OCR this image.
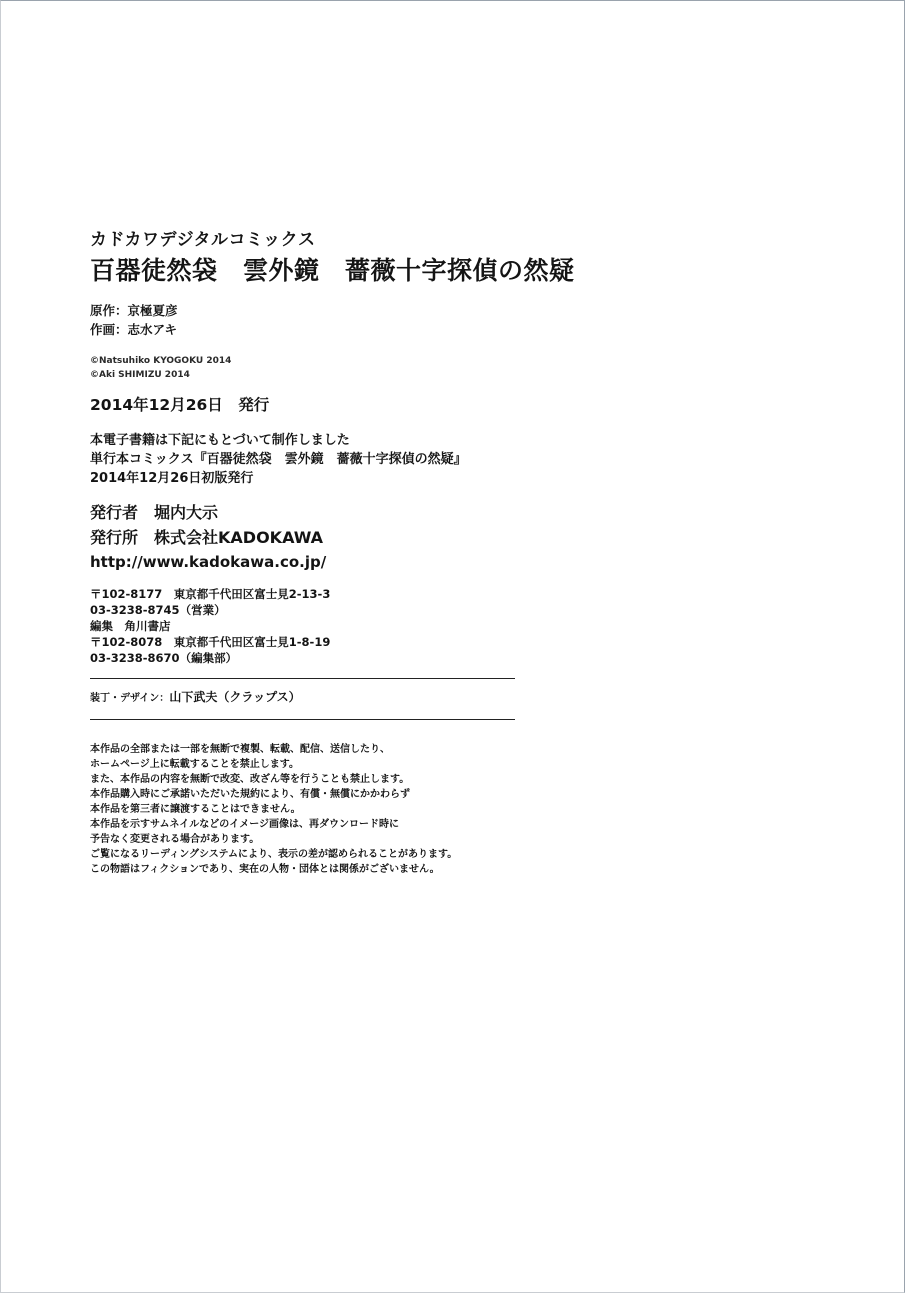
カドカワデジタルコミックス
百器徒然袋　雲外鏡　薔薇十字探偵の然疑
原作：京極夏彦
作画：志水アキ
©Natsuhiko KYOGOKU 2014
©Aki SHIMIZU 2014
2014年12月26日　発行
本電子書籍は下記にもとづいて制作しました
単行本コミックス『百器徒然袋　雲外鏡　薔薇十字探偵の然疑』
2014年12月26日初版発行
発行者　堀内大示
発行所　株式会社KADOKAWA
http://www.kadokawa.co.jp/
〒102-8177　東京都千代田区富士見2-13-3
03-3238-8745（営業）
編集　角川書店
〒102-8078　東京都千代田区富士見1-8-19
03-3238-8670（編集部）
装丁・デザイン：山下武夫（クラップス）
本作品の全部または一部を無断で複製、転載、配信、送信したり、
ホームページ上に転載することを禁止します。
また、本作品の内容を無断で改変、改ざん等を行うことも禁止します。
本作品購入時にご承諾いただいた規約により、有償・無償にかかわらず
本作品を第三者に譲渡することはできません。
本作品を示すサムネイルなどのイメージ画像は、再ダウンロード時に
予告なく変更される場合があります。
ご覧になるリーディングシステムにより、表示の差が認められることがあります。
この物語はフィクションであり、実在の人物・団体とは関係がございません。
